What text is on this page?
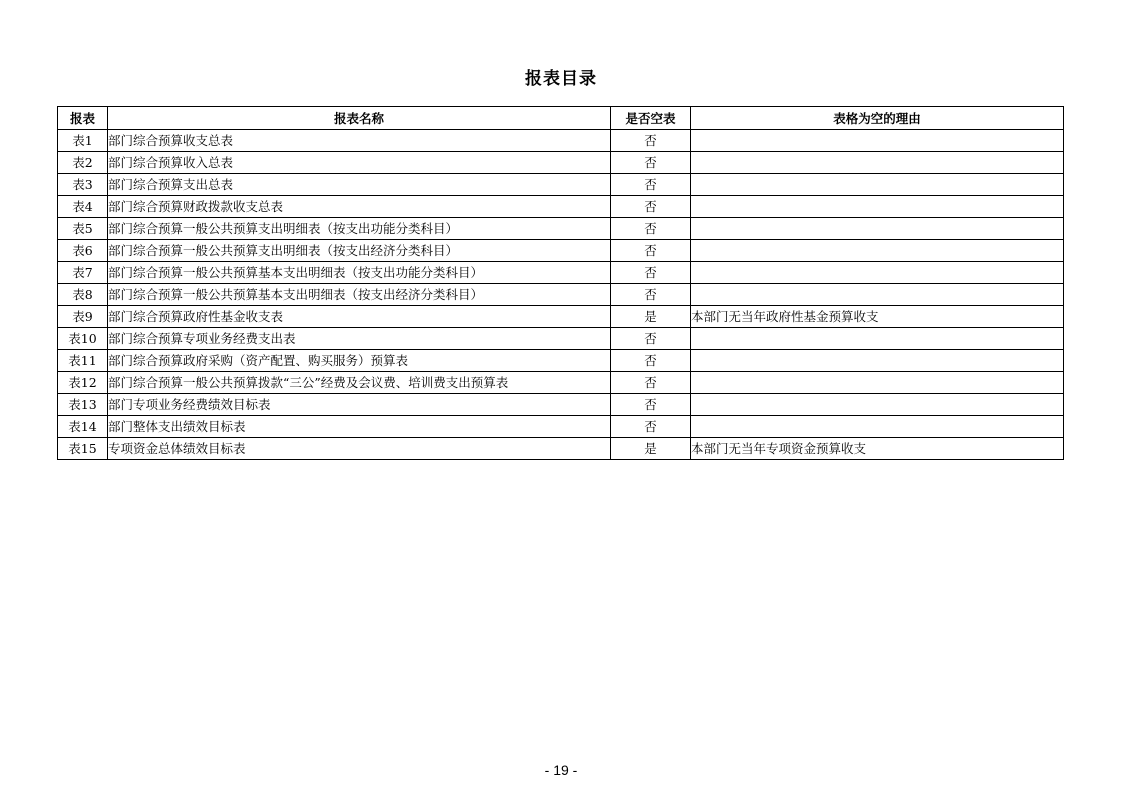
报表目录
报表	报表名称	是否空表	表格为空的理由
表1	部门综合预算收支总表	否	
表2	部门综合预算收入总表	否	
表3	部门综合预算支出总表	否	
表4	部门综合预算财政拨款收支总表	否	
表5	部门综合预算一般公共预算支出明细表（按支出功能分类科目）	否	
表6	部门综合预算一般公共预算支出明细表（按支出经济分类科目）	否	
表7	部门综合预算一般公共预算基本支出明细表（按支出功能分类科目）	否	
表8	部门综合预算一般公共预算基本支出明细表（按支出经济分类科目）	否	
表9	部门综合预算政府性基金收支表	是	本部门无当年政府性基金预算收支
表10	部门综合预算专项业务经费支出表	否	
表11	部门综合预算政府采购（资产配置、购买服务）预算表	否	
表12	部门综合预算一般公共预算拨款“三公”经费及会议费、培训费支出预算表	否	
表13	部门专项业务经费绩效目标表	否	
表14	部门整体支出绩效目标表	否	
表15	专项资金总体绩效目标表	是	本部门无当年专项资金预算收支
- 19 -
